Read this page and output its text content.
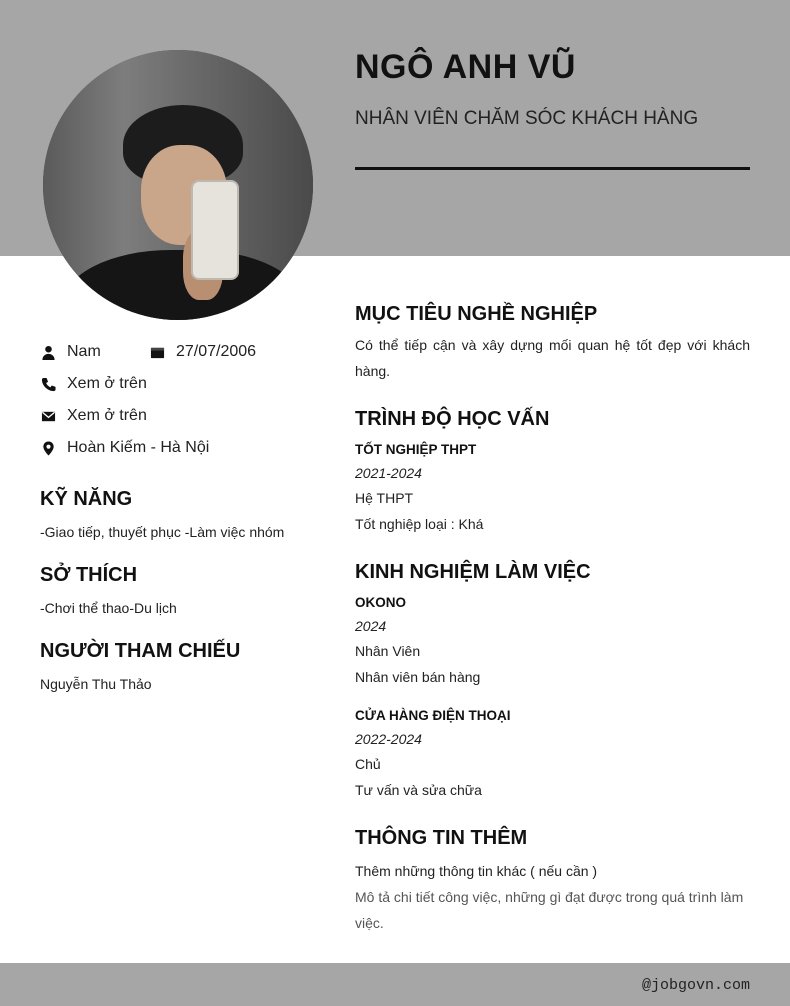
NGÔ ANH VŨ
NHÂN VIÊN CHĂM SÓC KHÁCH HÀNG
Nam	27/07/2006
Xem ở trên
Xem ở trên
Hoàn Kiếm - Hà Nội
KỸ NĂNG
-Giao tiếp, thuyết phục -Làm việc nhóm
SỞ THÍCH
-Chơi thể thao-Du lịch
NGƯỜI THAM CHIẾU
Nguyễn Thu Thảo
MỤC TIÊU NGHỀ NGHIỆP
Có thể tiếp cận và xây dựng mối quan hệ tốt đẹp với khách hàng.
TRÌNH ĐỘ HỌC VẤN
TỐT NGHIỆP THPT
2021-2024
Hệ THPT
Tốt nghiệp loại : Khá
KINH NGHIỆM LÀM VIỆC
OKONO
2024
Nhân Viên
Nhân viên bán hàng
CỬA HÀNG ĐIỆN THOẠI
2022-2024
Chủ
Tư vấn và sửa chữa
THÔNG TIN THÊM
Thêm những thông tin khác ( nếu cần )
Mô tả chi tiết công việc, những gì đạt được trong quá trình làm việc.
@jobgovn.com
